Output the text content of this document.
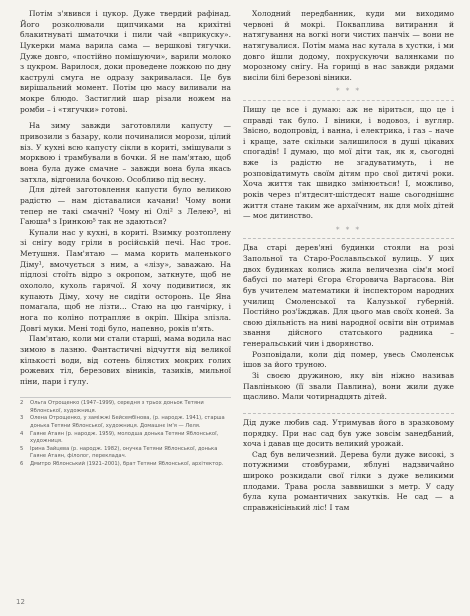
Потім з'явився і цукор. Дуже твердий рафінад. Його розколювали щипчиками на крихітні блакитнуваті шматочки і пили чай «вприкуску». Цукерки мама варила сама — вершкові тягучки. Дуже довго, «постійно помішуючи», варили молоко з цукром. Варилося, доки проведене ложкою по дну каструлі смуга не одразу закривалася. Це був вирішальний момент. Потім цю масу виливали на мокре блюдо. Застиглий шар різали ножем на ромби – і «тягучки» готові.

На зиму завжди заготовляли капусту — привозили з базару, коли починалися морози, цілий віз. У кухні всю капусту сікли в кориті, змішували з морквою і трамбували в бочки. Я не пам'ятаю, щоб вона була дуже смачне – завжди вона була якась затхла, відгонила бочкою. Особливо під весну.

Для дітей заготовлення капусти було великою радістю — нам діставалися качани! Чому вони тепер не такі смачні? Чому ні Олі² з Лелею³, ні Гаюша⁴ з Іринкою⁵ так не здаються?

Купали нас у кухні, в кориті. Взимку розтоплену зі снігу воду гріли в російській печі. Нас троє. Метушня. Пам'ятаю — мама корить маленького Діму¹, вмочується з ним, а «лізу», заважаю. На підлозі стоїть відро з окропом, заткнуте, щоб не охололо, кухоль гарячої. Я хочу подивитися, як купають Діму, хочу не сидіти осторонь. Це Яна помагала, щоб не лізти... Стаю на цю ганчірку, і нога по коліно потрапляє в окріп. Шкіра злізла. Довгі муки. Мені тоді було, напевно, років п'ять.

Пам'ятаю, коли ми стали старші, мама водила нас зимою в лазню. Фантастичні відчуття від великої кількості води, від сотень білястих мокрих голих рожевих тіл, березових віників, тазиків, мильної піни, пари і гулу.

2	Ольга Отрощенко (1947–1999), середня з трьох доньок Тетяни Яблонської, художниця.
3	Олена Отрощенко, у заміжжі Бейсембінова, (р. народж. 1941), старша донька Тетяни Яблонської, художниця. Домашнє ім'я — Леля.
4	Гаяне Атаян (р. народж. 1959), молодша донька Тетяни Яблонської, художниця.
5	Ірина Зайцева (р. народж. 1982), онучка Тетяни Яблонської, донька Гаяне Атаян, філолог, перекладач.
6	Дмитро Яблонський (1921–2001), брат Тетяни Яблонської, архітектор.

Холодний передбанник, куди ми виходимо червоні й мокрі. Покваплива витирання й натягування на вогкі ноги чистих панчіх — вони не натягувалися. Потім мама нас кутала в хустки, і ми довго йшли додому, похрускуючи валянками по морозному снігу. На горищі в нас завжди рядами висіли білі березові віники.

* * *

Пишу це все і думаю: аж не віриться, що це і справді так було. І віники, і водовоз, і вугляр. Звісно, водопровід, і ванна, і електрика, і газ – наче і краще, зате скільки залишилося в душі цікавих спогадів! І думаю, що мої діти так, як я, сьогодні вже із радістю не згадуватимуть, і не розповідатимуть своїм дітям про свої дитячі роки. Хоча життя так швидко змінюється! І, можливо, років через п'ятдесят-шістдесят наше сьогоднішнє життя стане таким же архаїчним, як для моїх дітей — моє дитинство.

* * *

Два старі дерев'яні будинки стояли на розі Запольної та Старо-Рославльської вулиць. У цих двох будинках колись жила величезна сім'я моєї бабусі по матері Єгора Єгоровича Варгасова. Він був учителем математики й інспектором народних училищ Смоленської та Калузької губерній. Постійно роз'їжджав. Для цього мав своїх коней. За свою діяльність на ниві народної освіти він отримав звання дійсного статського радника – генеральський чин і дворянство.

Розповідали, коли дід помер, увесь Смоленськ ішов за його труною.

Зі своєю дружиною, яку він ніжно називав Павлінькою (її звали Павлина), вони жили дуже щасливо. Мали чотирнадцять дітей.

Дід дуже любив сад. Утримував його в зразковому порядку. При нас сад був уже зовсім занедбаний, хоча і давав ще досить великий урожай.

Сад був величезний. Дерева були дуже високі, з потужними стовбурами, яблуні надзвичайно широко розкидали свої гілки з дуже великими плодами. Трава росла завввишки з метр. У саду була купа романтичних закутків. Не сад — а справжнісінький ліс! І там

12
